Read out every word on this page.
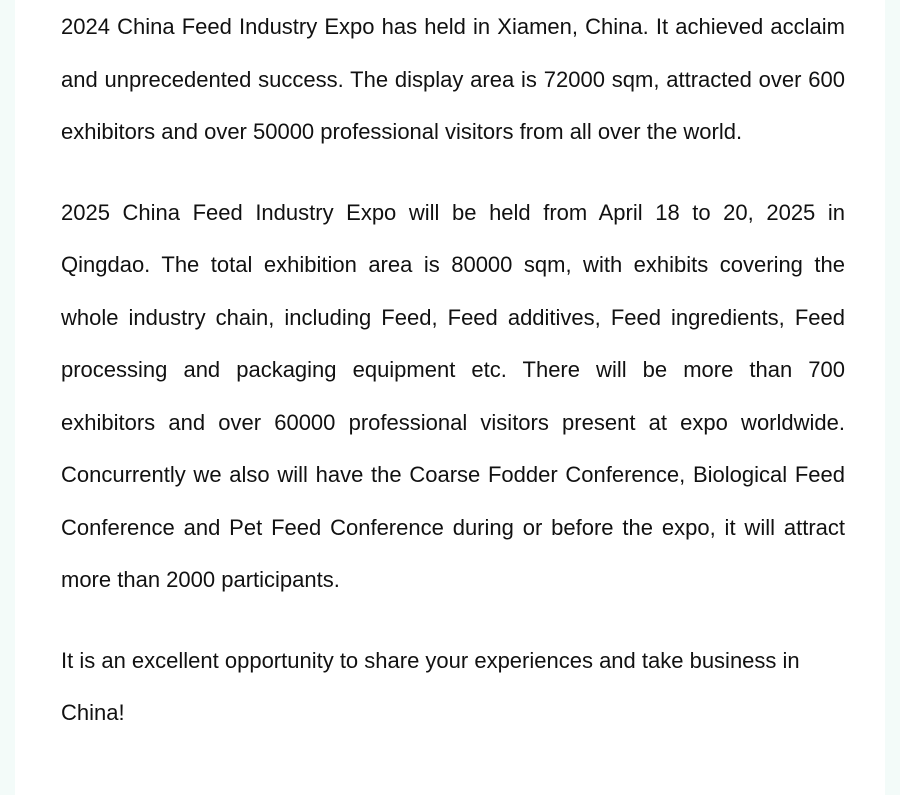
2024 China Feed Industry Expo has held in Xiamen, China. It achieved acclaim and unprecedented success. The display area is 72000 sqm, attracted over 600 exhibitors and over 50000 professional visitors from all over the world.

2025 China Feed Industry Expo will be held from April 18 to 20, 2025 in Qingdao. The total exhibition area is 80000 sqm, with exhibits covering the whole industry chain, including Feed, Feed additives, Feed ingredients, Feed processing and packaging equipment etc. There will be more than 700 exhibitors and over 60000 professional visitors present at expo worldwide. Concurrently we also will have the Coarse Fodder Conference, Biological Feed Conference and Pet Feed Conference during or before the expo, it will attract more than 2000 participants.

It is an excellent opportunity to share your experiences and take business in China!
